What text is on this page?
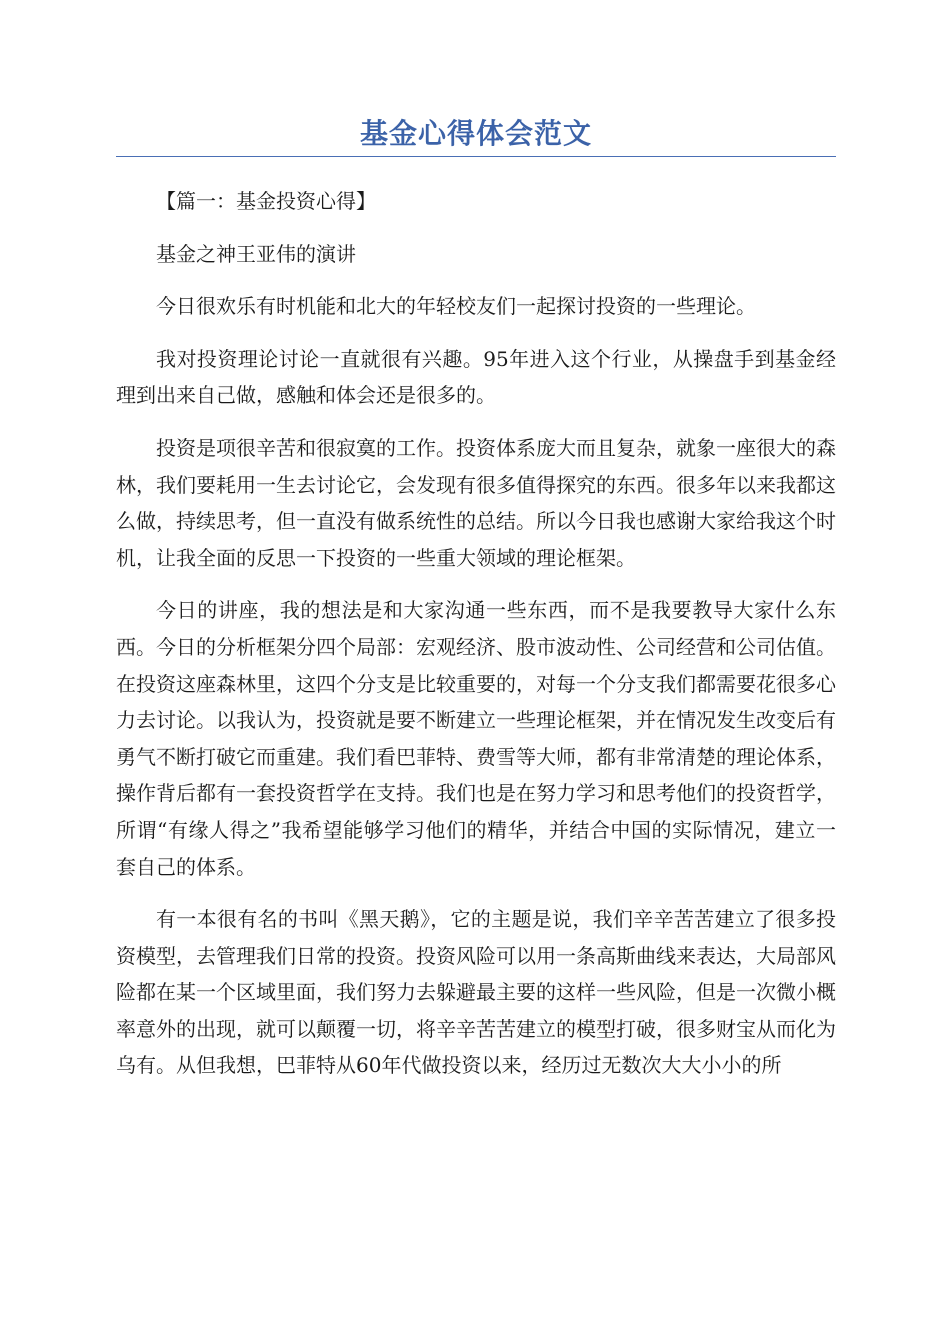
基金心得体会范文

【篇一：基金投资心得】

基金之神王亚伟的演讲

今日很欢乐有时机能和北大的年轻校友们一起探讨投资的一些理论。

我对投资理论讨论一直就很有兴趣。95年进入这个行业，从操盘手到基金经理到出来自己做，感触和体会还是很多的。

投资是项很辛苦和很寂寞的工作。投资体系庞大而且复杂，就象一座很大的森林，我们要耗用一生去讨论它，会发现有很多值得探究的东西。很多年以来我都这么做，持续思考，但一直没有做系统性的总结。所以今日我也感谢大家给我这个时机，让我全面的反思一下投资的一些重大领域的理论框架。

今日的讲座，我的想法是和大家沟通一些东西，而不是我要教导大家什么东西。今日的分析框架分四个局部：宏观经济、股市波动性、公司经营和公司估值。在投资这座森林里，这四个分支是比较重要的，对每一个分支我们都需要花很多心力去讨论。以我认为，投资就是要不断建立一些理论框架，并在情况发生改变后有勇气不断打破它而重建。我们看巴菲特、费雪等大师，都有非常清楚的理论体系，操作背后都有一套投资哲学在支持。我们也是在努力学习和思考他们的投资哲学，所谓“有缘人得之”我希望能够学习他们的精华，并结合中国的实际情况，建立一套自己的体系。

有一本很有名的书叫《黑天鹅》，它的主题是说，我们辛辛苦苦建立了很多投资模型，去管理我们日常的投资。投资风险可以用一条高斯曲线来表达，大局部风险都在某一个区域里面，我们努力去躲避最主要的这样一些风险，但是一次微小概率意外的出现，就可以颠覆一切，将辛辛苦苦建立的模型打破，很多财宝从而化为乌有。从但我想，巴菲特从60年代做投资以来，经历过无数次大大小小的所
